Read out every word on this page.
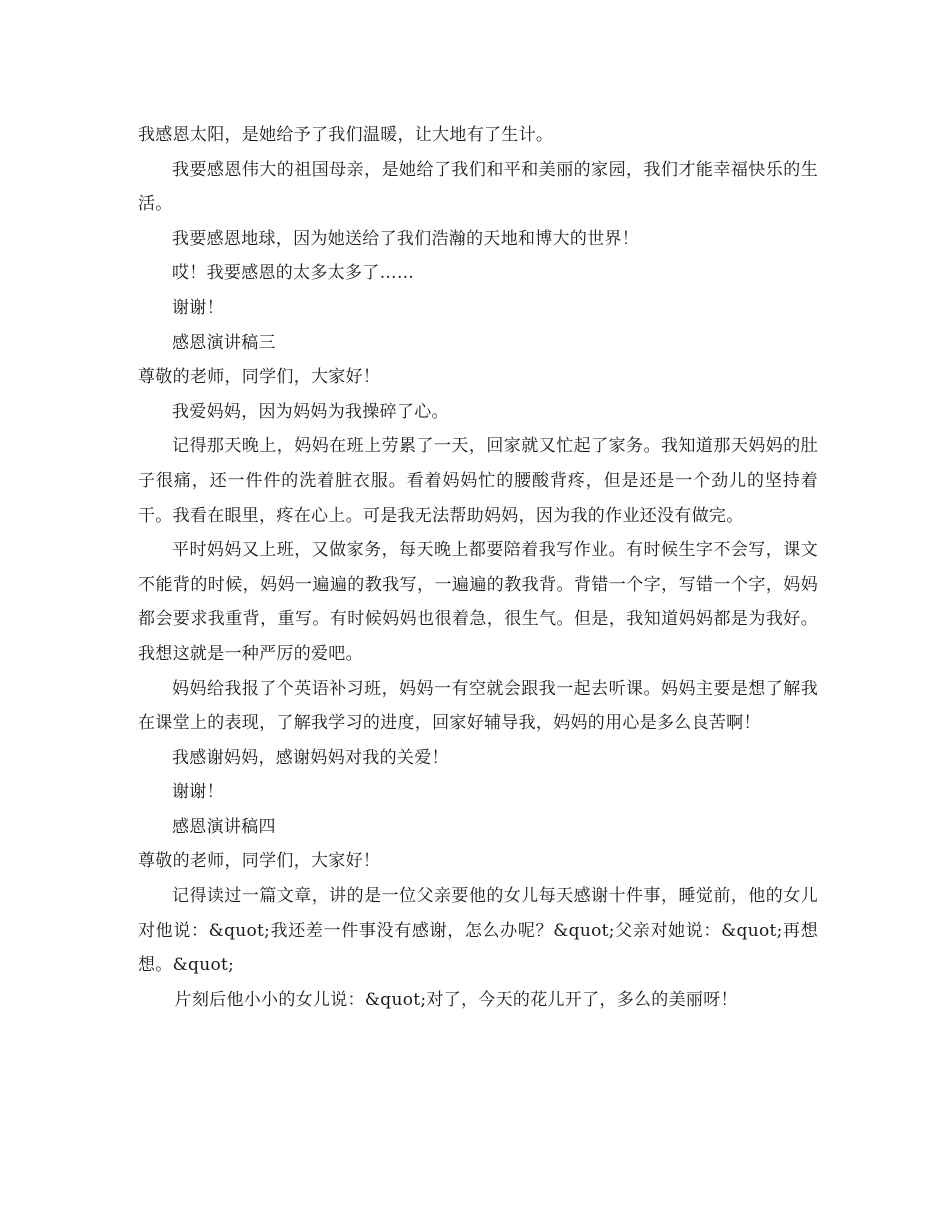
我感恩太阳，是她给予了我们温暖，让大地有了生计。

我要感恩伟大的祖国母亲，是她给了我们和平和美丽的家园，我们才能幸福快乐的生活。

我要感恩地球，因为她送给了我们浩瀚的天地和博大的世界！

哎！我要感恩的太多太多了……

谢谢！

感恩演讲稿三

尊敬的老师，同学们，大家好！

我爱妈妈，因为妈妈为我操碎了心。

记得那天晚上，妈妈在班上劳累了一天，回家就又忙起了家务。我知道那天妈妈的肚子很痛，还一件件的洗着脏衣服。看着妈妈忙的腰酸背疼，但是还是一个劲儿的坚持着干。我看在眼里，疼在心上。可是我无法帮助妈妈，因为我的作业还没有做完。

平时妈妈又上班，又做家务，每天晚上都要陪着我写作业。有时候生字不会写，课文不能背的时候，妈妈一遍遍的教我写，一遍遍的教我背。背错一个字，写错一个字，妈妈都会要求我重背，重写。有时候妈妈也很着急，很生气。但是，我知道妈妈都是为我好。我想这就是一种严厉的爱吧。

妈妈给我报了个英语补习班，妈妈一有空就会跟我一起去听课。妈妈主要是想了解我在课堂上的表现，了解我学习的进度，回家好辅导我，妈妈的用心是多么良苦啊！

我感谢妈妈，感谢妈妈对我的关爱！

谢谢！

感恩演讲稿四

尊敬的老师，同学们，大家好！

记得读过一篇文章，讲的是一位父亲要他的女儿每天感谢十件事，睡觉前，他的女儿对他说：&quot;我还差一件事没有感谢，怎么办呢？&quot;父亲对她说：&quot;再想想。&quot;

片刻后他小小的女儿说：&quot;对了，今天的花儿开了，多么的美丽呀！
